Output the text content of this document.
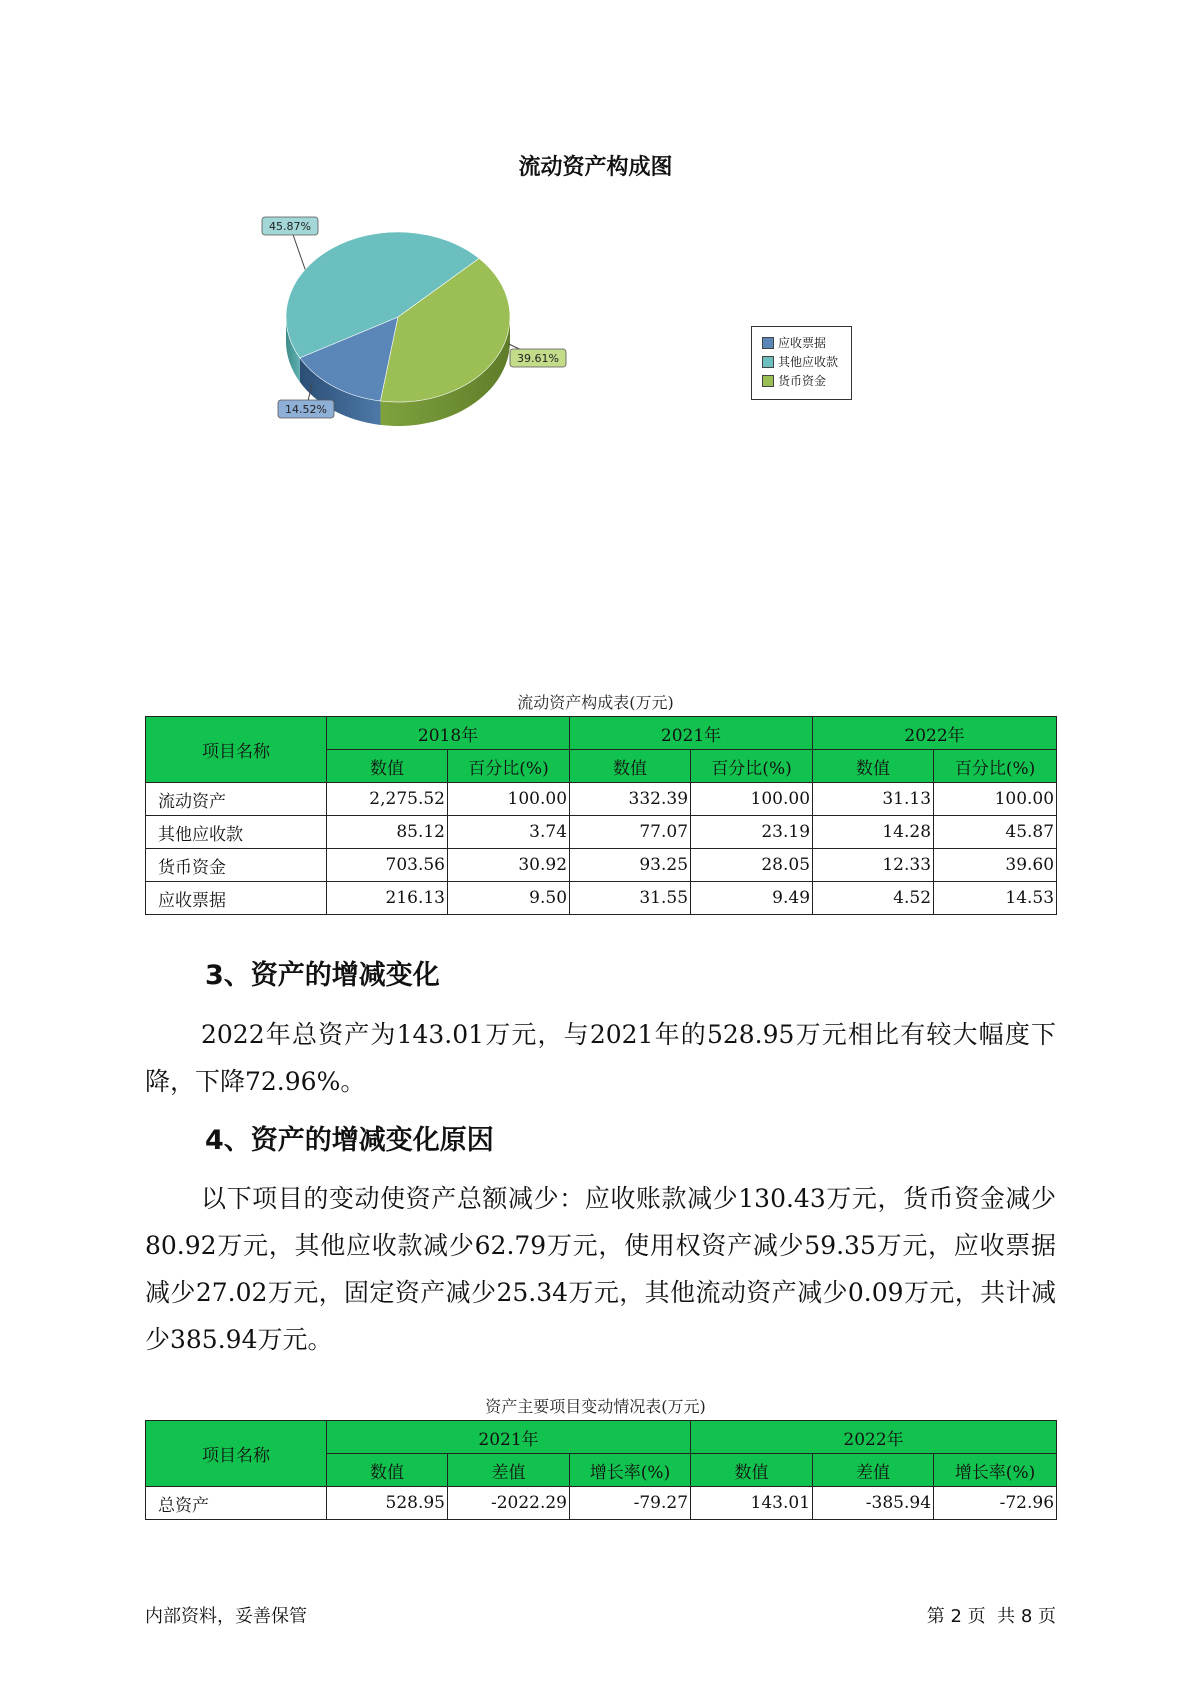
流动资产构成图
14.52%
45.87%
39.61%
应收票据
其他应收款
货币资金
流动资产构成表(万元)
项目名称	2018年		2021年		2022年	
	数值	百分比(%)	数值	百分比(%)	数值	百分比(%)
流动资产	2,275.52	100.00	332.39	100.00	31.13	100.00
其他应收款	85.12	3.74	77.07	23.19	14.28	45.87
货币资金	703.56	30.92	93.25	28.05	12.33	39.60
应收票据	216.13	9.50	31.55	9.49	4.52	14.53
3、资产的增减变化
2022年总资产为143.01万元，与2021年的528.95万元相比有较大幅度下降，下降72.96%。
4、资产的增减变化原因
以下项目的变动使资产总额减少：应收账款减少130.43万元，货币资金减少80.92万元，其他应收款减少62.79万元，使用权资产减少59.35万元，应收票据减少27.02万元，固定资产减少25.34万元，其他流动资产减少0.09万元，共计减少385.94万元。
资产主要项目变动情况表(万元)
项目名称	2021年			2022年		
	数值	差值	增长率(%)	数值	差值	增长率(%)
总资产	528.95	-2022.29	-79.27	143.01	-385.94	-72.96
内部资料，妥善保管	第 2 页  共 8 页
